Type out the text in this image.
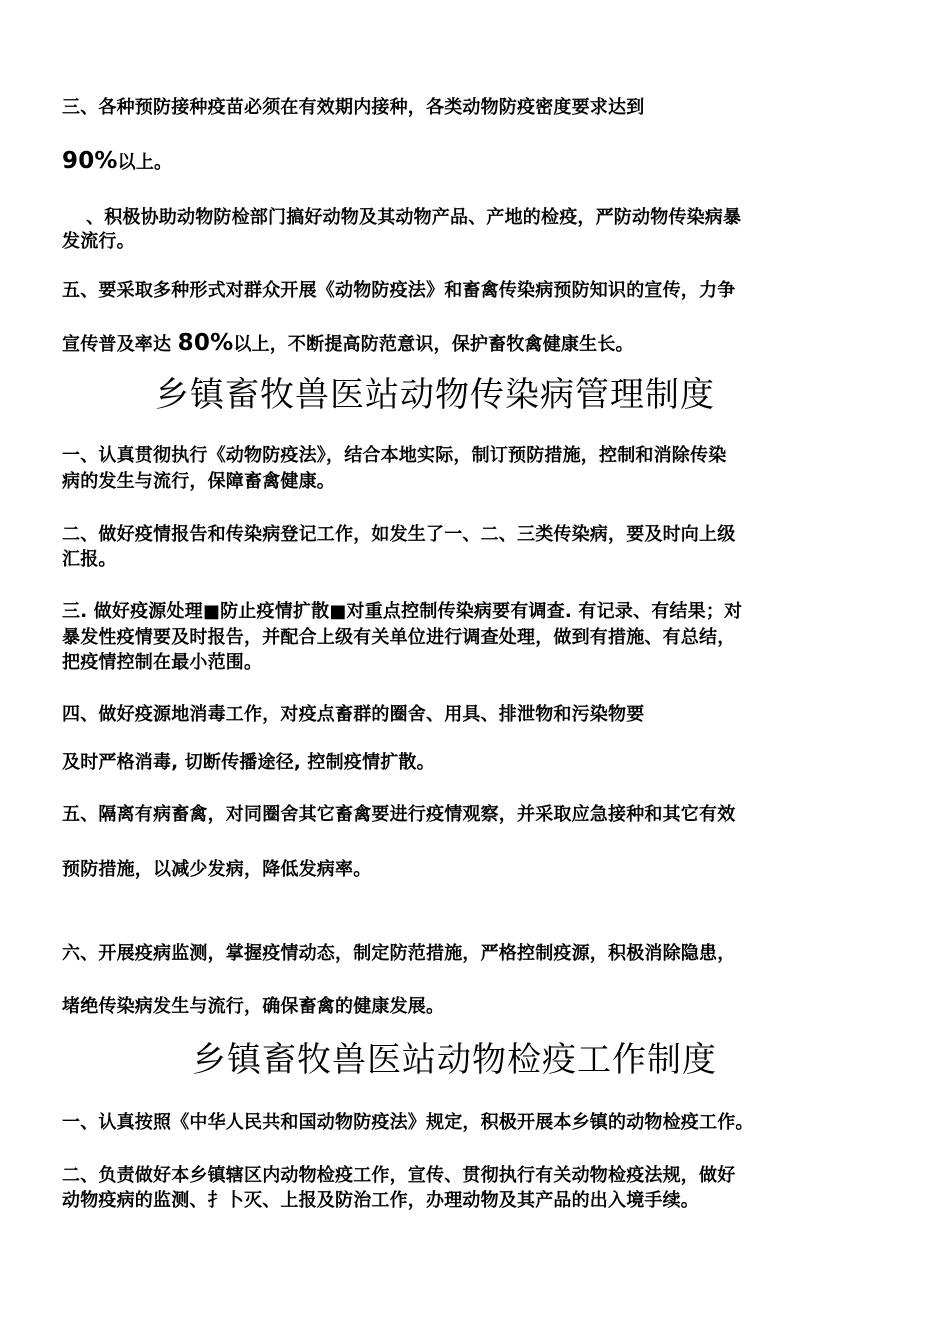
三、各种预防接种疫苗必须在有效期内接种，各类动物防疫密度要求达到

90%以上。

、积极协助动物防检部门搞好动物及其动物产品、产地的检疫，严防动物传染病暴

发流行。

五、要采取多种形式对群众开展《动物防疫法》和畜禽传染病预防知识的宣传，力争

宣传普及率达 80%以上，不断提高防范意识，保护畜牧禽健康生长。

乡镇畜牧兽医站动物传染病管理制度

一、认真贯彻执行《动物防疫法》，结合本地实际，制订预防措施，控制和消除传染

病的发生与流行，保障畜禽健康。

二、做好疫情报告和传染病登记工作，如发生了一、二、三类传染病，要及时向上级

汇报。

三. 做好疫源处理■防止疫情扩散■对重点控制传染病要有调查. 有记录、有结果；对

暴发性疫情要及时报告，并配合上级有关单位进行调查处理，做到有措施、有总结，

把疫情控制在最小范围。

四、做好疫源地消毒工作，对疫点畜群的圈舍、用具、排泄物和污染物要

及时严格消毒, 切断传播途径, 控制疫情扩散。

五、隔离有病畜禽，对同圈舍其它畜禽要进行疫情观察，并采取应急接种和其它有效

预防措施，以减少发病，降低发病率。

六、开展疫病监测，掌握疫情动态，制定防范措施，严格控制疫源，积极消除隐患，

堵绝传染病发生与流行，确保畜禽的健康发展。

乡镇畜牧兽医站动物检疫工作制度

一、认真按照《中华人民共和国动物防疫法》规定，积极开展本乡镇的动物检疫工作。

二、负责做好本乡镇辖区内动物检疫工作，宣传、贯彻执行有关动物检疫法规，做好

动物疫病的监测、扌卜灭、上报及防治工作，办理动物及其产品的出入境手续。
